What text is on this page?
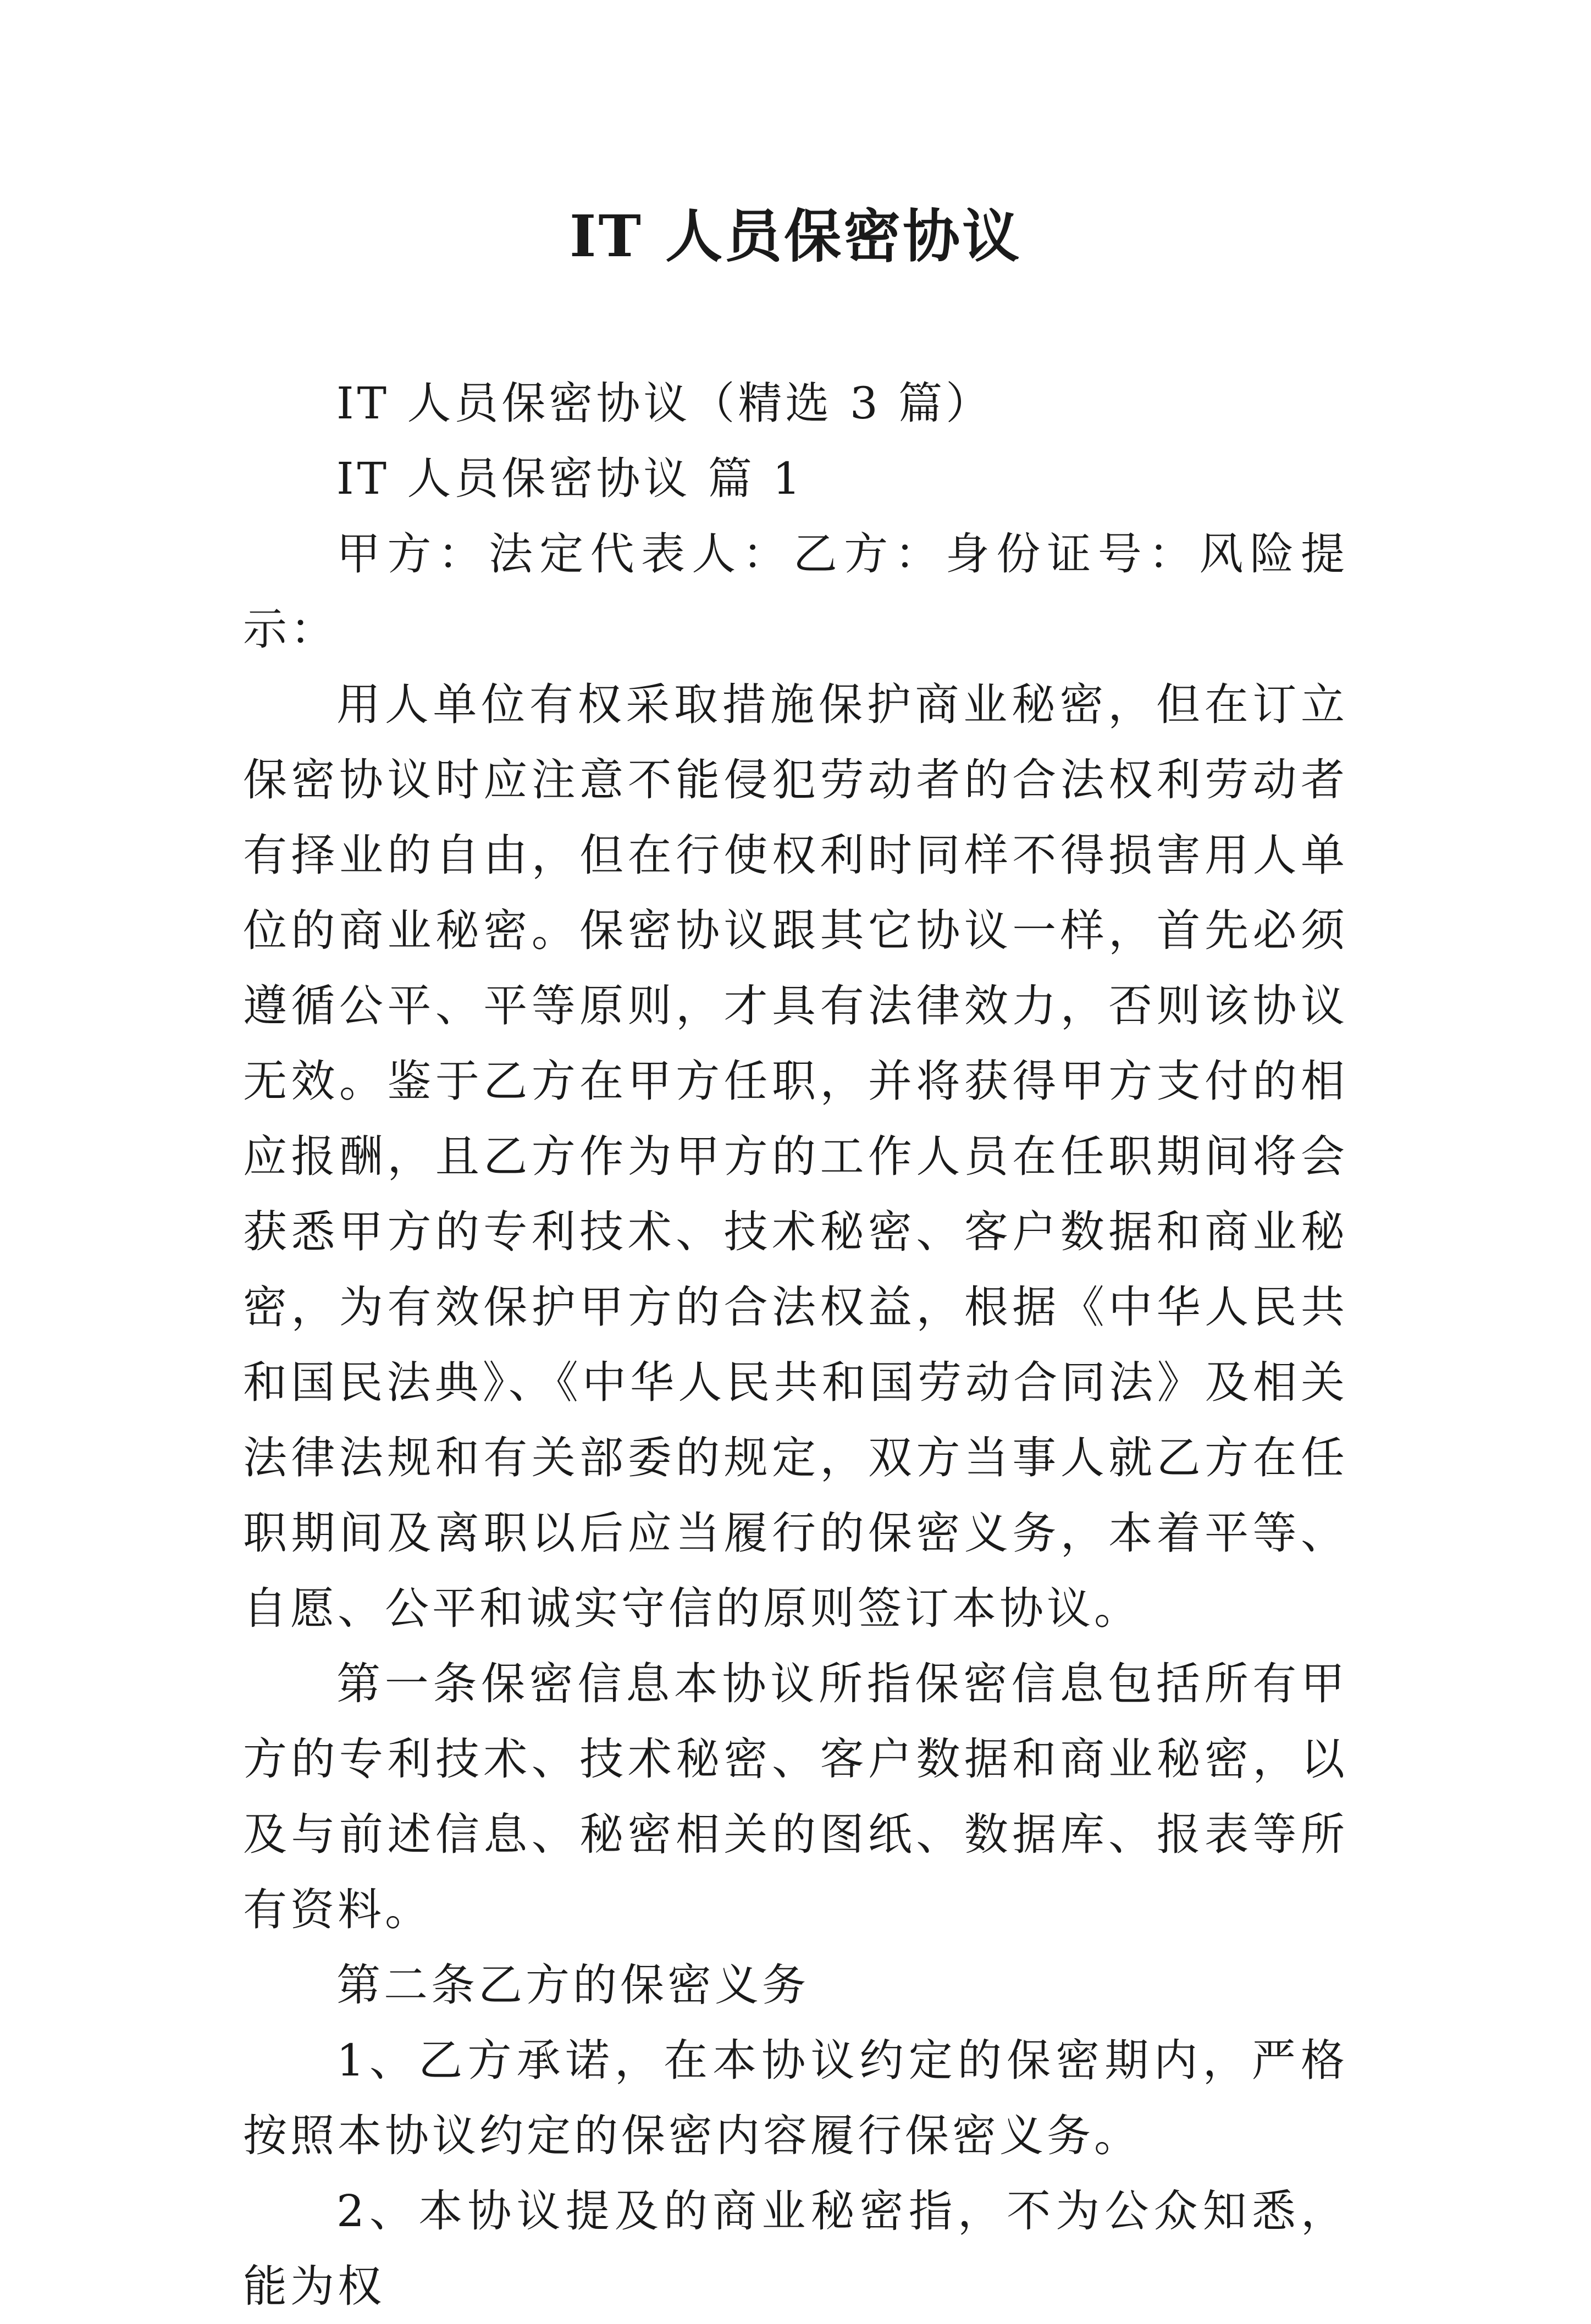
IT 人员保密协议

IT 人员保密协议（精选 3 篇）

IT 人员保密协议 篇 1

甲方：法定代表人：乙方：身份证号：风险提示：

用人单位有权采取措施保护商业秘密，但在订立保密协议时应注意不能侵犯劳动者的合法权利劳动者有择业的自由，但在行使权利时同样不得损害用人单位的商业秘密。保密协议跟其它协议一样，首先必须遵循公平、平等原则，才具有法律效力，否则该协议无效。鉴于乙方在甲方任职，并将获得甲方支付的相应报酬，且乙方作为甲方的工作人员在任职期间将会获悉甲方的专利技术、技术秘密、客户数据和商业秘密，为有效保护甲方的合法权益，根据《中华人民共和国民法典》、《中华人民共和国劳动合同法》及相关法律法规和有关部委的规定，双方当事人就乙方在任职期间及离职以后应当履行的保密义务，本着平等、自愿、公平和诚实守信的原则签订本协议。

第一条保密信息本协议所指保密信息包括所有甲方的专利技术、技术秘密、客户数据和商业秘密，以及与前述信息、秘密相关的图纸、数据库、报表等所有资料。

第二条乙方的保密义务

1、乙方承诺，在本协议约定的保密期内，严格按照本协议约定的保密内容履行保密义务。

2、本协议提及的商业秘密指，不为公众知悉，能为权
